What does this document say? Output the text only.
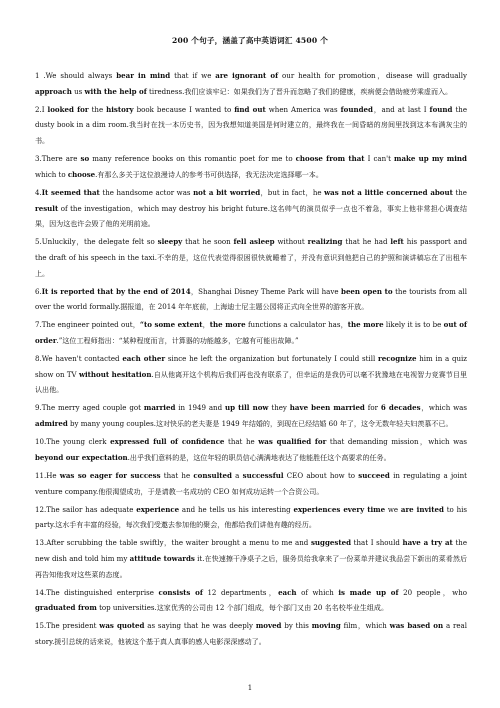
200 个句子，涵盖了高中英语词汇 4500 个

1 .We should always bear in mind that if we are ignorant of our health for promotion，disease will gradually approach us with the help of tiredness.我们应该牢记：如果我们为了晋升而忽略了我们的健康，疾病便会借助疲劳乘虚而入。

2.I looked for the history book because I wanted to find out when America was founded，and at last I found the dusty book in a dim room.我当时在找一本历史书，因为我想知道美国是何时建立的，最终我在一间昏暗的房间里找到这本布满灰尘的书。

3.There are so many reference books on this romantic poet for me to choose from that I can't make up my mind which to choose.有那么多关于这位浪漫诗人的参考书可供选择，我无法决定选择哪一本。

4.It seemed that the handsome actor was not a bit worried，but in fact，he was not a little concerned about the result of the investigation，which may destroy his bright future.这名帅气的演员似乎一点也不着急，事实上他非常担心调查结果，因为这也许会毁了他的光明前途。

5.Unluckily，the delegate felt so sleepy that he soon fell asleep without realizing that he had left his passport and the draft of his speech in the taxi.不幸的是，这位代表觉得很困很快就睡着了，并没有意识到他把自己的护照和演讲稿忘在了出租车上。

6.It is reported that by the end of 2014，Shanghai Disney Theme Park will have been open to the tourists from all over the world formally.据报道，在 2014 年年底前，上海迪士尼主题公园将正式向全世界的游客开放。

7.The engineer pointed out，“to some extent，the more functions a calculator has，the more likely it is to be out of order.”这位工程师指出：“某种程度而言，计算器的功能越多，它越有可能出故障。”

8.We haven't contacted each other since he left the organization but fortunately I could still recognize him in a quiz show on TV without hesitation.自从他离开这个机构后我们再也没有联系了，但幸运的是我仍可以毫不犹豫地在电视智力竞赛节目里认出他。

9.The merry aged couple got married in 1949 and up till now they have been married for 6 decades，which was admired by many young couples.这对快乐的老夫妻是 1949 年结婚的，到现在已经结婚 60 年了，这令无数年轻夫妇羡慕不已。

10.The young clerk expressed full of confidence that he was qualified for that demanding mission，which was beyond our expectation.出乎我们意料的是，这位年轻的职员信心满满地表达了他能胜任这个高要求的任务。

11.He was so eager for success that he consulted a successful CEO about how to succeed in regulating a joint venture company.他很渴望成功，于是请教一名成功的 CEO 如何成功运转一个合资公司。

12.The sailor has adequate experience and he tells us his interesting experiences every time we are invited to his party.这水手有丰富的经验，每次我们受邀去参加他的聚会，他都给我们讲他有趣的经历。

13.After scrubbing the table swiftly，the waiter brought a menu to me and suggested that I should have a try at the new dish and told him my attitude towards it.在快速擦干净桌子之后，服务员给我拿来了一份菜单并建议我品尝下新出的菜肴然后再告知他我对这些菜的态度。

14.The distinguished enterprise consists of 12 departments，each of which is made up of 20 people，who graduated from top universities.这家优秀的公司由 12 个部门组成，每个部门又由 20 名名校毕业生组成。

15.The president was quoted as saying that he was deeply moved by this moving film，which was based on a real story.援引总统的话来说，他被这个基于真人真事的感人电影深深感动了。

1
